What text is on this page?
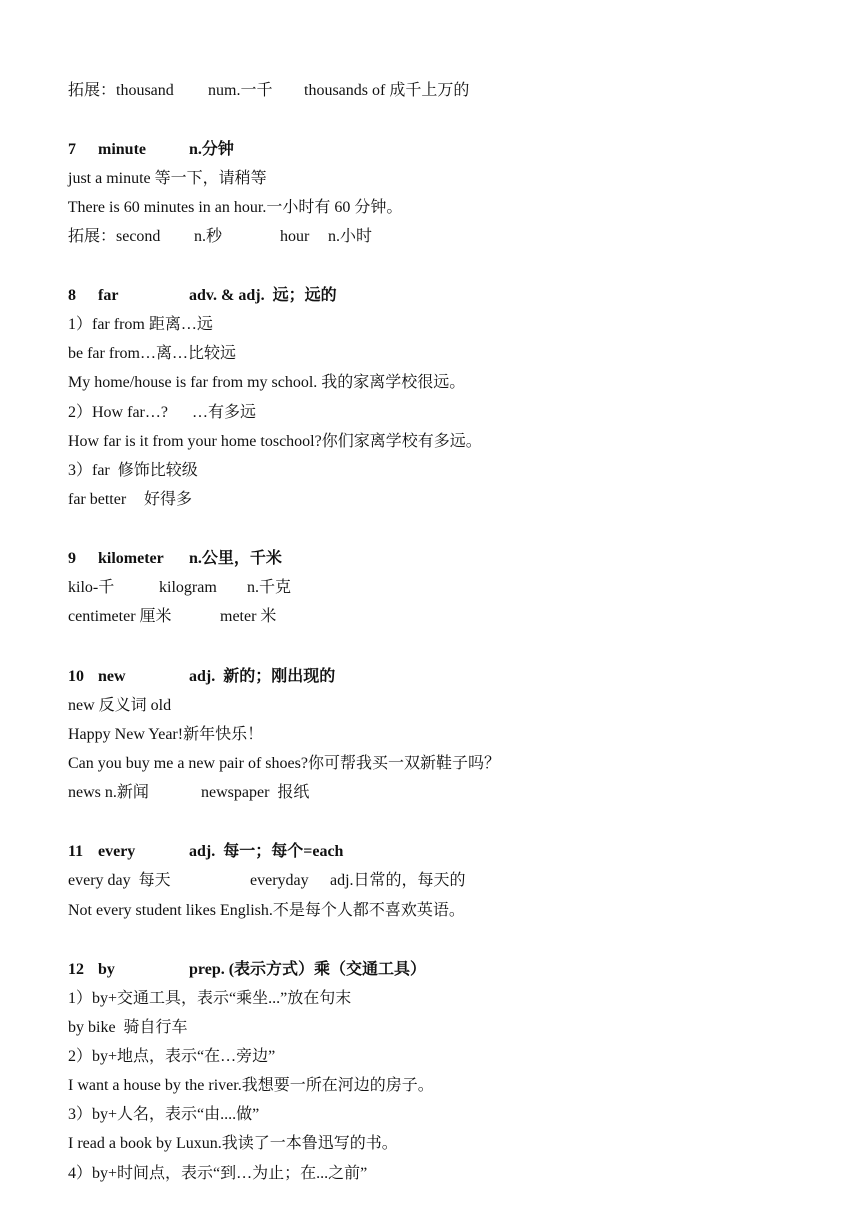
拓展：thousand num.一千 thousands of 成千上万的

7 minute	n.分钟

just a minute 等一下，请稍等

There is 60 minutes in an hour.一小时有 60 分钟。

拓展：second n.秒	hour n.小时

8 far	adv. & adj.  远；远的

1）far from 距离…远

be far from…离…比较远

My home/house is far from my school. 我的家离学校很远。

2）How far…? …有多远

How far is it from your home toschool?你们家离学校有多远。

3）far  修饰比较级

far better 好得多

9 kilometer n.公里，千米

kilo-千	kilogram n.千克

centimeter 厘米	meter 米

10 new	adj.  新的；刚出现的

new 反义词 old

Happy New Year!新年快乐！

Can you buy me a new pair of shoes?你可帮我买一双新鞋子吗？

news n.新闻	newspaper  报纸

11 every	adj.  每一；每个=each

every day  每天	everyday adj.日常的，每天的

Not every student likes English.不是每个人都不喜欢英语。

12 by	prep. (表示方式）乘（交通工具）

1）by+交通工具，表示“乘坐...”放在句末

by bike  骑自行车

2）by+地点，表示“在…旁边”

I want a house by the river.我想要一所在河边的房子。

3）by+人名，表示“由....做”

I read a book by Luxun.我读了一本鲁迅写的书。

4）by+时间点，表示“到…为止；在...之前”
